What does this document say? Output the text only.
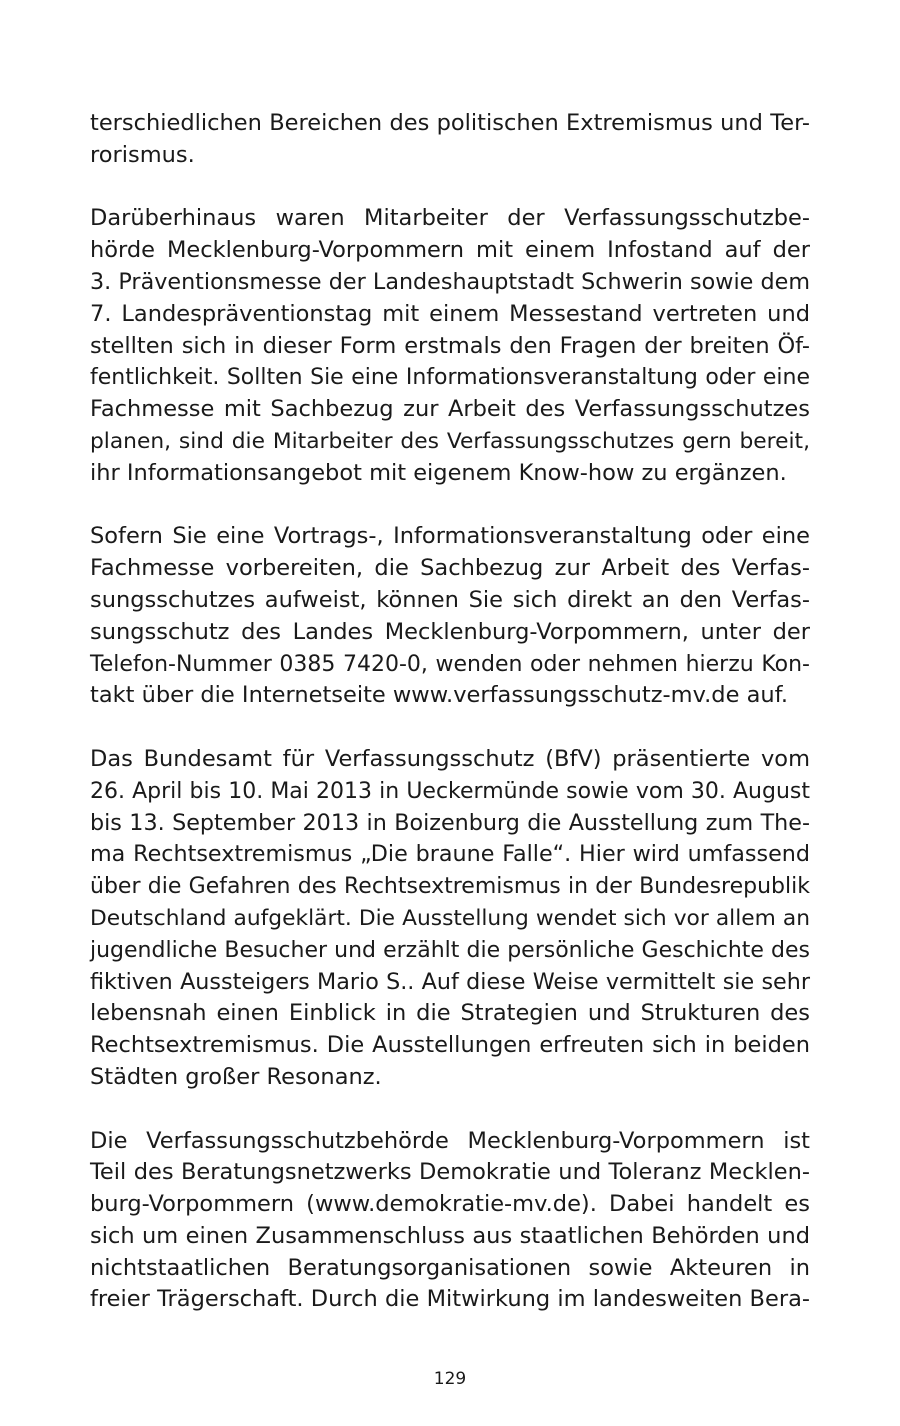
terschiedlichen Bereichen des politischen Extremismus und Ter-
rorismus.
Darüberhinaus waren Mitarbeiter der Verfassungsschutzbe-
hörde Mecklenburg-Vorpommern mit einem Infostand auf der
3. Präventionsmesse der Landeshauptstadt Schwerin sowie dem
7. Landespräventionstag mit einem Messestand vertreten und
stellten sich in dieser Form erstmals den Fragen der breiten Öf-
fentlichkeit. Sollten Sie eine Informationsveranstaltung oder eine
Fachmesse mit Sachbezug zur Arbeit des Verfassungsschutzes
planen, sind die Mitarbeiter des Verfassungsschutzes gern bereit,
ihr Informationsangebot mit eigenem Know-how zu ergänzen.
Sofern Sie eine Vortrags-, Informationsveranstaltung oder eine
Fachmesse vorbereiten, die Sachbezug zur Arbeit des Verfas-
sungsschutzes aufweist, können Sie sich direkt an den Verfas-
sungsschutz des Landes Mecklenburg-Vorpommern, unter der
Telefon-Nummer 0385 7420-0, wenden oder nehmen hierzu Kon-
takt über die Internetseite www.verfassungsschutz-mv.de auf.
Das Bundesamt für Verfassungsschutz (BfV) präsentierte vom
26. April bis 10. Mai 2013 in Ueckermünde sowie vom 30. August
bis 13. September 2013 in Boizenburg die Ausstellung zum The-
ma Rechtsextremismus „Die braune Falle“. Hier wird umfassend
über die Gefahren des Rechtsextremismus in der Bundesrepublik
Deutschland aufgeklärt. Die Ausstellung wendet sich vor allem an
jugendliche Besucher und erzählt die persönliche Geschichte des
fiktiven Aussteigers Mario S.. Auf diese Weise vermittelt sie sehr
lebensnah einen Einblick in die Strategien und Strukturen des
Rechtsextremismus. Die Ausstellungen erfreuten sich in beiden
Städten großer Resonanz.
Die Verfassungsschutzbehörde Mecklenburg-Vorpommern ist
Teil des Beratungsnetzwerks Demokratie und Toleranz Mecklen-
burg-Vorpommern (www.demokratie-mv.de). Dabei handelt es
sich um einen Zusammenschluss aus staatlichen Behörden und
nichtstaatlichen Beratungsorganisationen sowie Akteuren in
freier Trägerschaft. Durch die Mitwirkung im landesweiten Bera-
129
